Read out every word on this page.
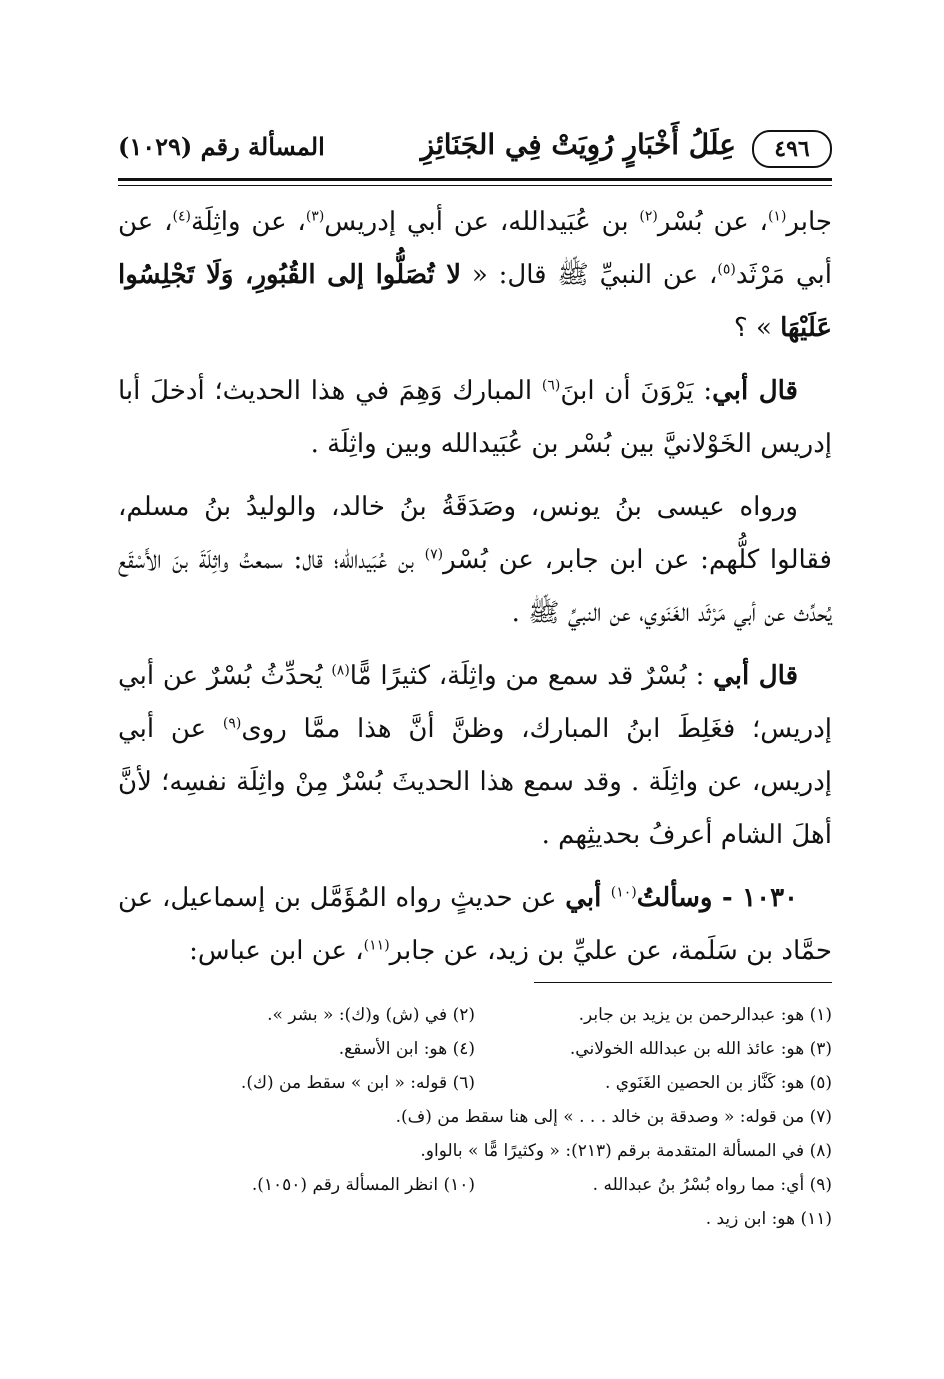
٤٩٦
عِلَلُ أَخْبَارٍ رُوِيَتْ فِي الجَنَائِزِ
المسألة رقم (١٠٢٩)

جابر$^{(١)}$، عن بُسْر$^{(٢)}$ بن عُبَيدالله، عن أبي إدريس$^{(٣)}$، عن واثِلَة$^{(٤)}$، عن أبي مَرْثَد$^{(٥)}$، عن النبيِّ ﷺ قال: « لا تُصَلُّوا إلى القُبُورِ، وَلَا تَجْلِسُوا عَلَيْهَا » ؟

قال أبي: يَرْوَنَ أن ابنَ$^{(٦)}$ المبارك وَهِمَ في هذا الحديث؛ أدخلَ أبا إدريس الخَوْلانيَّ بين بُسْر بن عُبَيدالله وبين واثِلَة .

ورواه عيسى بنُ يونس، وصَدَقَةُ بنُ خالد، والوليدُ بنُ مسلم، فقالوا كلُّهم: عن ابن جابر، عن بُسْر$^{(٧)}$ بن عُبَيدالله؛ قال: سمعتُ واثِلَةَ بنَ الأَسْقَع يُحدِّث عن أبي مَرْثَد الغَنَوي، عن النبيِّ ﷺ .

قال أبي : بُسْرٌ قد سمع من واثِلَة، كثيرًا مًّا$^{(٨)}$ يُحدِّثُ بُسْرٌ عن أبي إدريس؛ فغَلِطَ ابنُ المبارك، وظنَّ أنَّ هذا ممَّا روى$^{(٩)}$ عن أبي إدريس، عن واثِلَة . وقد سمع هذا الحديثَ بُسْرٌ مِنْ واثِلَة نفسِه؛ لأنَّ أهلَ الشام أعرفُ بحديثِهم .

١٠٣٠ - وسألتُ$^{(١٠)}$ أبي عن حديثٍ رواه المُؤَمَّل بن إسماعيل، عن حمَّاد بن سَلَمة، عن عليِّ بن زيد، عن جابر$^{(١١)}$، عن ابن عباس:

(١) هو: عبدالرحمن بن يزيد بن جابر.
(٢) في (ش) و(ك): « بشر ».
(٣) هو: عائذ الله بن عبدالله الخولاني.
(٤) هو: ابن الأسقع.
(٥) هو: كَنَّاز بن الحصين الغَنَوي .
(٦) قوله: « ابن » سقط من (ك).
(٧) من قوله: « وصدقة بن خالد . . . » إلى هنا سقط من (ف).
(٨) في المسألة المتقدمة برقم (٢١٣): « وكثيرًا مًّا » بالواو.
(٩) أي: مما رواه بُسْرُ بنُ عبدالله .
(١٠) انظر المسألة رقم (١٠٥٠).
(١١) هو: ابن زيد .
